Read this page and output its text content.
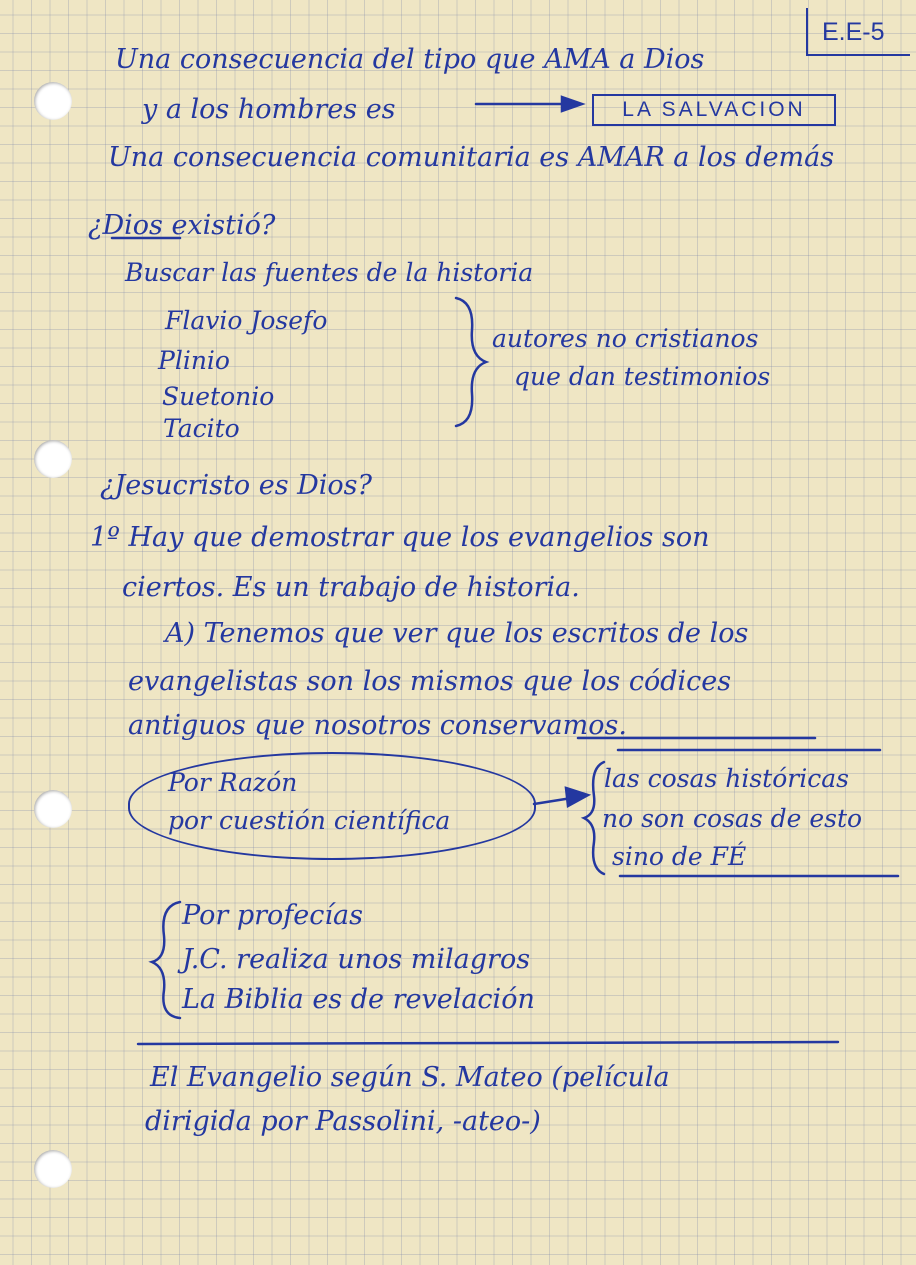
E.E-5
Una consecuencia del tipo que AMA a Dios
y a los hombres es	LA SALVACION
Una consecuencia comunitaria es AMAR a los demás
¿Dios existió?
Buscar las fuentes de la historia
Flavio Josefo
Plinio
Suetonio
Tacito
autores no cristianos
que dan testimonios
¿Jesucristo es Dios?
1º Hay que demostrar que los evangelios son
ciertos. Es un trabajo de historia.
A) Tenemos que ver que los escritos de los
evangelistas son los mismos que los códices
antiguos que nosotros conservamos.
Por Razón
por cuestión científica
las cosas históricas
no son cosas de esto
sino de FÉ
Por profecías
J.C. realiza unos milagros
La Biblia es de revelación
El Evangelio según S. Mateo (película
dirigida por Passolini, -ateo-)
